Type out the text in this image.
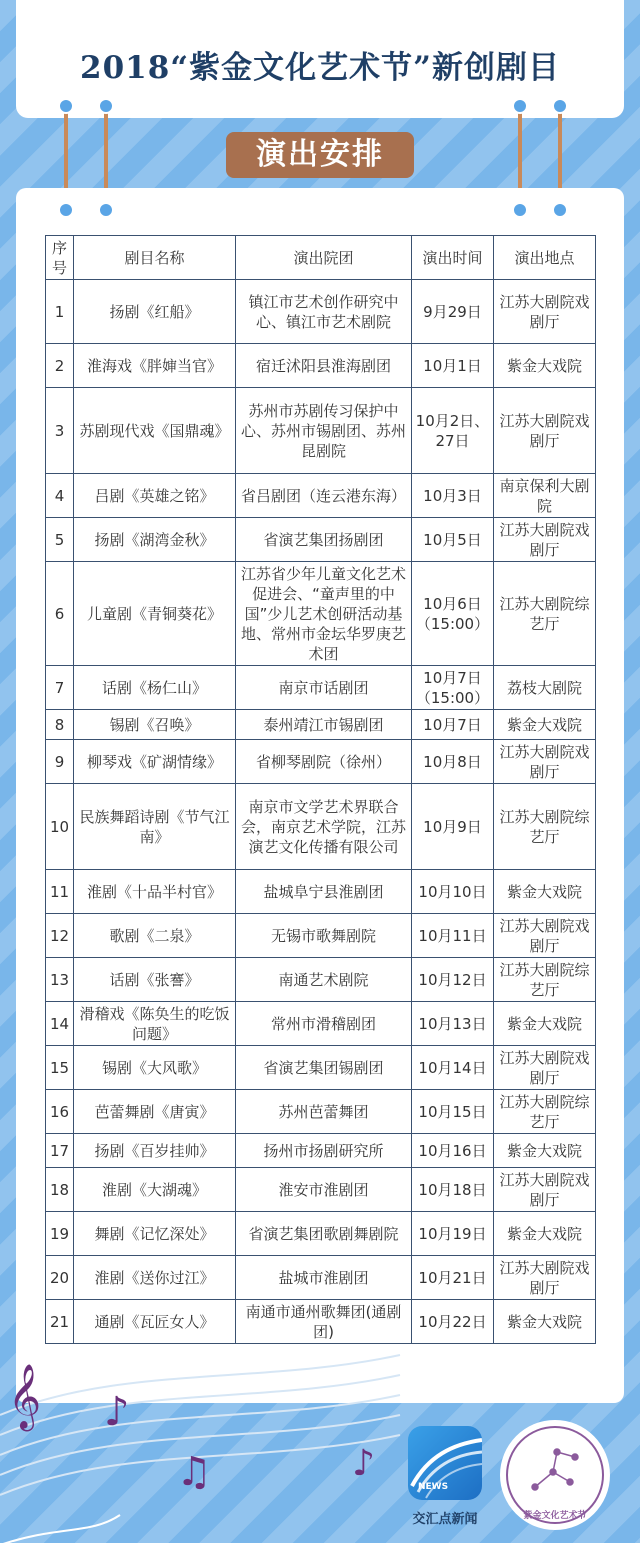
2018“紫金文化艺术节”新创剧目
演出安排
序号	剧目名称	演出院团	演出时间	演出地点
1	扬剧《红船》	镇江市艺术创作研究中心、镇江市艺术剧院	9月29日	江苏大剧院戏剧厅
2	淮海戏《胖婶当官》	宿迁沭阳县淮海剧团	10月1日	紫金大戏院
3	苏剧现代戏《国鼎魂》	苏州市苏剧传习保护中心、苏州市锡剧团、苏州昆剧院	10月2日、27日	江苏大剧院戏剧厅
4	吕剧《英雄之铭》	省吕剧团（连云港东海）	10月3日	南京保利大剧院
5	扬剧《湖湾金秋》	省演艺集团扬剧团	10月5日	江苏大剧院戏剧厅
6	儿童剧《青铜葵花》	江苏省少年儿童文化艺术促进会、“童声里的中国”少儿艺术创研活动基地、常州市金坛华罗庚艺术团	10月6日（15:00）	江苏大剧院综艺厅
7	话剧《杨仁山》	南京市话剧团	10月7日（15:00）	荔枝大剧院
8	锡剧《召唤》	泰州靖江市锡剧团	10月7日	紫金大戏院
9	柳琴戏《矿湖情缘》	省柳琴剧院（徐州）	10月8日	江苏大剧院戏剧厅
10	民族舞蹈诗剧《节气江南》	南京市文学艺术界联合会，南京艺术学院，江苏演艺文化传播有限公司	10月9日	江苏大剧院综艺厅
11	淮剧《十品半村官》	盐城阜宁县淮剧团	10月10日	紫金大戏院
12	歌剧《二泉》	无锡市歌舞剧院	10月11日	江苏大剧院戏剧厅
13	话剧《张謇》	南通艺术剧院	10月12日	江苏大剧院综艺厅
14	滑稽戏《陈奂生的吃饭问题》	常州市滑稽剧团	10月13日	紫金大戏院
15	锡剧《大风歌》	省演艺集团锡剧团	10月14日	江苏大剧院戏剧厅
16	芭蕾舞剧《唐寅》	苏州芭蕾舞团	10月15日	江苏大剧院综艺厅
17	扬剧《百岁挂帅》	扬州市扬剧研究所	10月16日	紫金大戏院
18	淮剧《大湖魂》	淮安市淮剧团	10月18日	江苏大剧院戏剧厅
19	舞剧《记忆深处》	省演艺集团歌剧舞剧院	10月19日	紫金大戏院
20	淮剧《送你过江》	盐城市淮剧团	10月21日	江苏大剧院戏剧厅
21	通剧《瓦匠女人》	南通市通州歌舞团(通剧团)	10月22日	紫金大戏院
𝄞 ♪
♫	♪
NEWS
交汇点新闻	紫金文化艺术节
